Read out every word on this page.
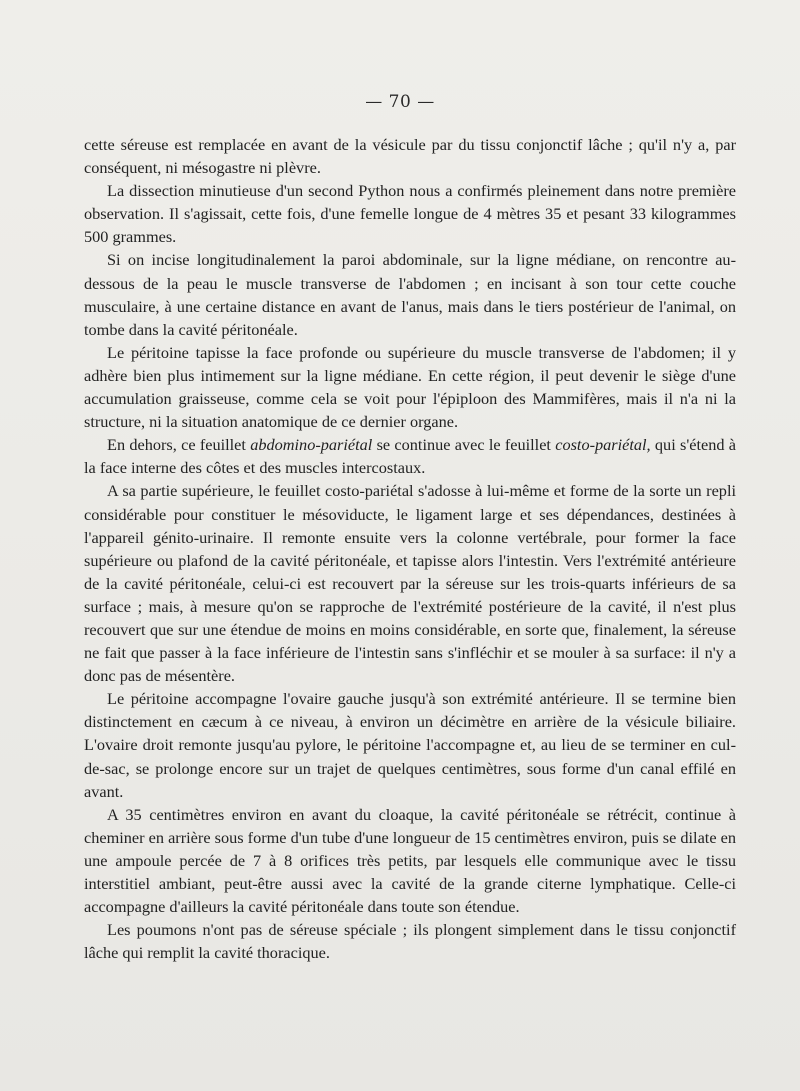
— 70 —

cette séreuse est remplacée en avant de la vésicule par du tissu conjonctif lâche ; qu'il n'y a, par conséquent, ni mésogastre ni plèvre.

La dissection minutieuse d'un second Python nous a confirmés pleinement dans notre première observation. Il s'agissait, cette fois, d'une femelle longue de 4 mètres 35 et pesant 33 kilogrammes 500 grammes.

Si on incise longitudinalement la paroi abdominale, sur la ligne médiane, on rencontre au-dessous de la peau le muscle transverse de l'abdomen ; en incisant à son tour cette couche musculaire, à une certaine distance en avant de l'anus, mais dans le tiers postérieur de l'animal, on tombe dans la cavité péritonéale.

Le péritoine tapisse la face profonde ou supérieure du muscle transverse de l'abdomen; il y adhère bien plus intimement sur la ligne médiane. En cette région, il peut devenir le siège d'une accumulation graisseuse, comme cela se voit pour l'épiploon des Mammifères, mais il n'a ni la structure, ni la situation anatomique de ce dernier organe.

En dehors, ce feuillet abdomino-pariétal se continue avec le feuillet costo-pariétal, qui s'étend à la face interne des côtes et des muscles intercostaux.

A sa partie supérieure, le feuillet costo-pariétal s'adosse à lui-même et forme de la sorte un repli considérable pour constituer le mésoviducte, le ligament large et ses dépendances, destinées à l'appareil génito-urinaire. Il remonte ensuite vers la colonne vertébrale, pour former la face supérieure ou plafond de la cavité péritonéale, et tapisse alors l'intestin. Vers l'extrémité antérieure de la cavité péritonéale, celui-ci est recouvert par la séreuse sur les trois-quarts inférieurs de sa surface ; mais, à mesure qu'on se rapproche de l'extrémité postérieure de la cavité, il n'est plus recouvert que sur une étendue de moins en moins considérable, en sorte que, finalement, la séreuse ne fait que passer à la face inférieure de l'intestin sans s'infléchir et se mouler à sa surface: il n'y a donc pas de mésentère.

Le péritoine accompagne l'ovaire gauche jusqu'à son extrémité antérieure. Il se termine bien distinctement en cæcum à ce niveau, à environ un décimètre en arrière de la vésicule biliaire. L'ovaire droit remonte jusqu'au pylore, le péritoine l'accompagne et, au lieu de se terminer en cul-de-sac, se prolonge encore sur un trajet de quelques centimètres, sous forme d'un canal effilé en avant.

A 35 centimètres environ en avant du cloaque, la cavité péritonéale se rétrécit, continue à cheminer en arrière sous forme d'un tube d'une longueur de 15 centimètres environ, puis se dilate en une ampoule percée de 7 à 8 orifices très petits, par lesquels elle communique avec le tissu interstitiel ambiant, peut-être aussi avec la cavité de la grande citerne lymphatique. Celle-ci accompagne d'ailleurs la cavité péritonéale dans toute son étendue.

Les poumons n'ont pas de séreuse spéciale ; ils plongent simplement dans le tissu conjonctif lâche qui remplit la cavité thoracique.
